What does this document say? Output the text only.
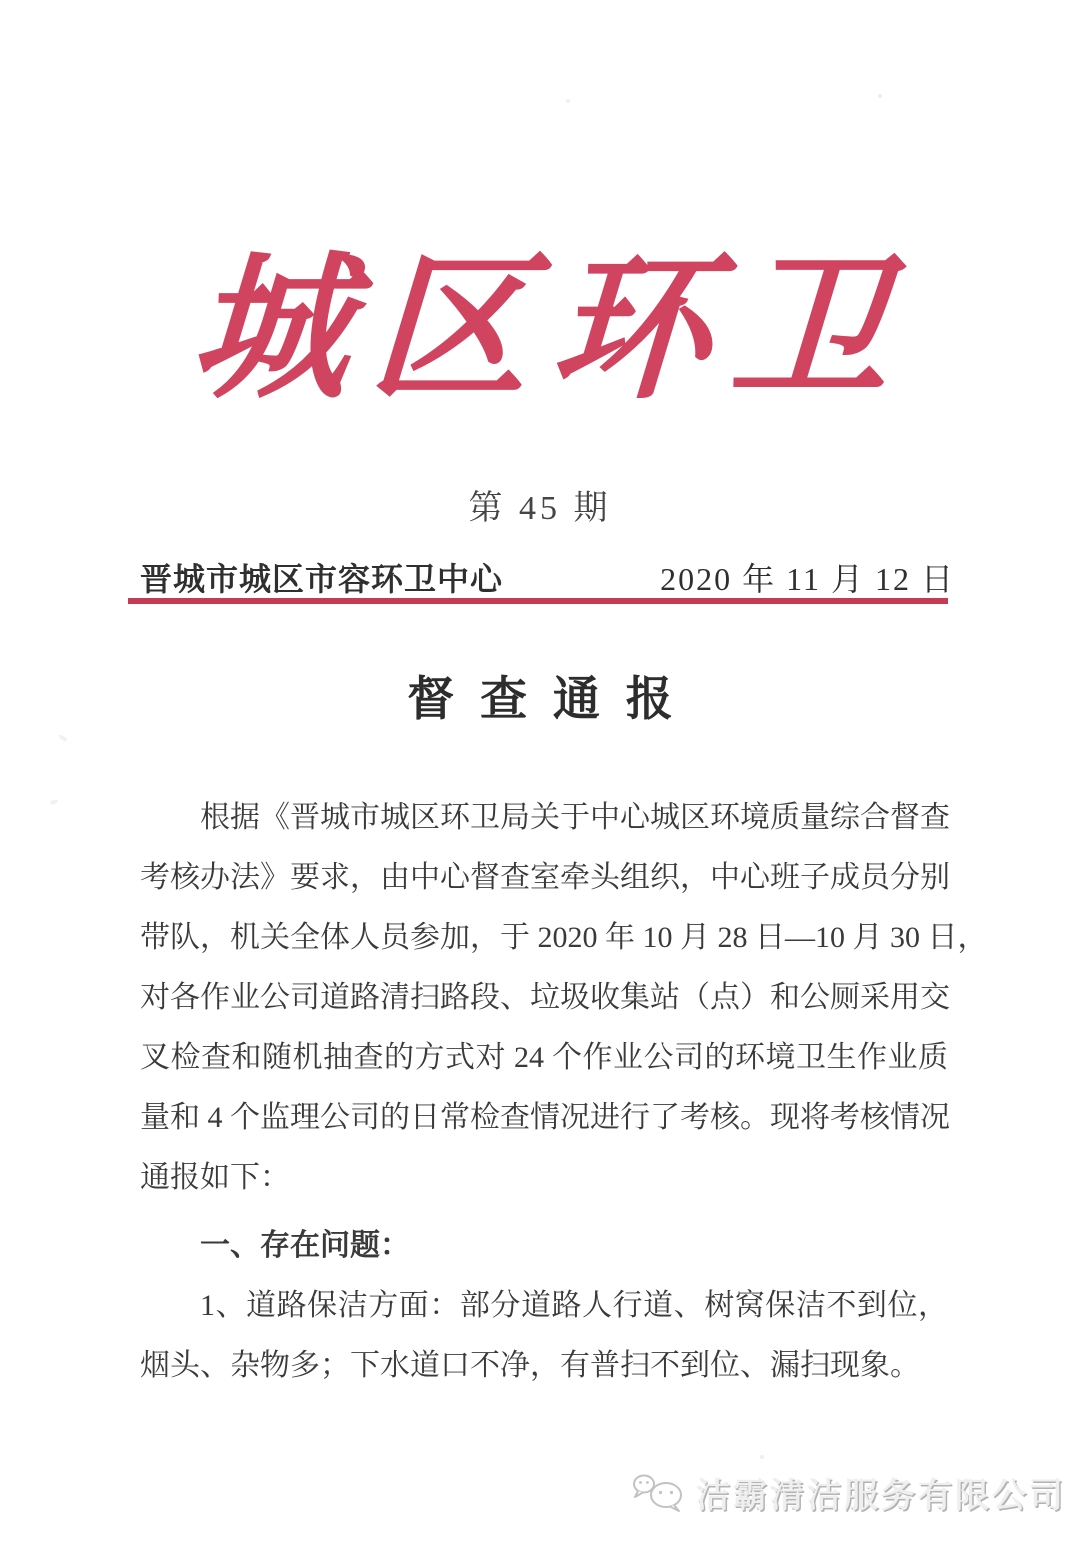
城区环卫
第 45 期
晋城市城区市容环卫中心	2020 年 11 月 12 日
督查通报
根据《晋城市城区环卫局关于中心城区环境质量综合督查
考核办法》要求，由中心督查室牵头组织，中心班子成员分别
带队，机关全体人员参加，于 2020 年 10 月 28 日—10 月 30 日，
对各作业公司道路清扫路段、垃圾收集站（点）和公厕采用交
叉检查和随机抽查的方式对 24 个作业公司的环境卫生作业质
量和 4 个监理公司的日常检查情况进行了考核。现将考核情况
通报如下：
一、存在问题：
1、道路保洁方面：部分道路人行道、树窝保洁不到位，
烟头、杂物多；下水道口不净，有普扫不到位、漏扫现象。
洁霸清洁服务有限公司
